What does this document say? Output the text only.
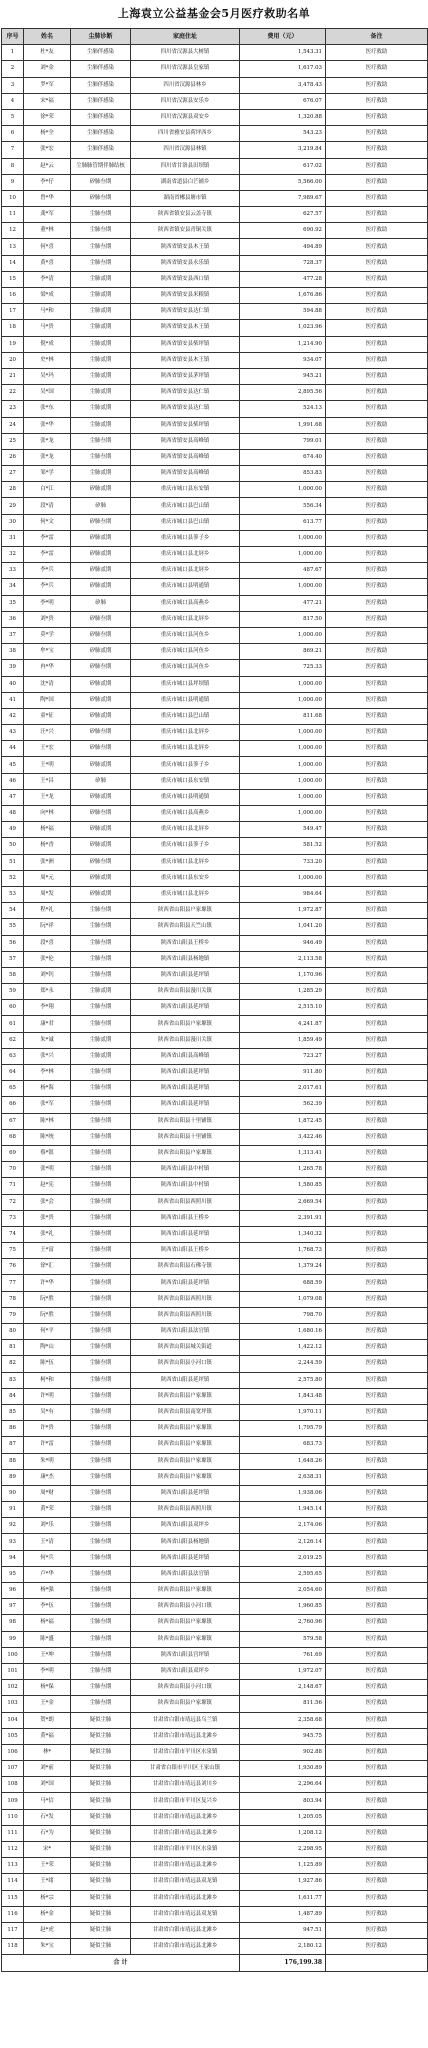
上海袁立公益基金会5月医疗救助名单
序号	姓名	尘肺诊断	家庭住址	费用（元）	备注
1	杜*友	尘肺伴感染	四川省汉源县大树镇	1,543.31	医疗救助
2	刘*金	尘肺伴感染	四川省汉源县皇家镇	1,617.03	医疗救助
3	罗*军	尘肺伴感染	四川省汉源县林乡	3,478.43	医疗救助
4	宋*福	尘肺伴感染	四川省汉源县安乐乡	676.07	医疗救助
5	徐*荣	尘肺伴感染	四川省汉源县双安乡	1,320.88	医疗救助
6	杨*全	尘肺伴感染	四川省雅安县荷坪西乡	543.23	医疗救助
7	张*宏	尘肺伴感染	四川省汉源县林镇	3,219.84	医疗救助
8	赵*云	尘肺肺管期伴肺结核	四川省甘洛县田坝镇	617.02	医疗救助
9	李*仔	矽肺叁期	湖南省道县白芒铺乡	5,566.00	医疗救助
10	曾*华	矽肺叁期	湖南省郴县塘市镇	7,989.67	医疗救助
11	龚*军	尘肺叁期	陕西省镇安县云盖寺镇	627.57	医疗救助
12	董*林	尘肺叁期	陕西省镇安县青铜关镇	690.92	医疗救助
13	何*喜	尘肺叁期	陕西省镇安县木王镇	494.89	医疗救助
14	黄*喜	尘肺叁期	陕西省镇安县永乐镇	728.37	医疗救助
15	李*清	尘肺贰期	陕西省镇安县西口镇	477.28	医疗救助
16	梁*成	尘肺贰期	陕西省镇安县米粮镇	1,676.86	医疗救助
17	马*和	尘肺贰期	陕西省镇安县达仁镇	594.88	医疗救助
18	马*贵	尘肺贰期	陕西省镇安县木王镇	1,023.96	医疗救助
19	倪*成	尘肺贰期	陕西省镇安县柴坪镇	1,214.90	医疗救助
20	史*林	尘肺贰期	陕西省镇安县木王镇	934.07	医疗救助
21	吴*玛	尘肺贰期	陕西省镇安县茅坪镇	945.21	医疗救助
22	吴*国	尘肺贰期	陕西省镇安县达仁镇	2,895.56	医疗救助
23	张*东	尘肺贰期	陕西省镇安县达仁镇	524.13	医疗救助
24	张*华	尘肺贰期	陕西省镇安县柴坪镇	1,991.68	医疗救助
25	张*龙	尘肺叁期	陕西省镇安县高峰镇	799.01	医疗救助
26	张*龙	尘肺叁期	陕西省镇安县高峰镇	674.40	医疗救助
27	邹*学	尘肺贰期	陕西省镇安县高峰镇	853.83	医疗救助
28	白*江	矽肺贰期	重庆市城口县东安镇	1,000.00	医疗救助
29	段*清	矽肺	重庆市城口县巴山镇	556.34	医疗救助
30	何*文	矽肺叁期	重庆市城口县巴山镇	613.77	医疗救助
31	李*雷	矽肺贰期	重庆市城口县蓼子乡	1,000.00	医疗救助
32	李*雷	矽肺贰期	重庆市城口县北屏乡	1,000.00	医疗救助
33	李*兵	矽肺贰期	重庆市城口县北屏乡	487.67	医疗救助
34	李*兵	矽肺贰期	重庆市城口县明通镇	1,000.00	医疗救助
35	李*明	矽肺	重庆市城口县高燕乡	477.21	医疗救助
36	刘*贵	矽肺叁期	重庆市城口县北屏乡	817.50	医疗救助
37	莫*学	矽肺叁期	重庆市城口县河鱼乡	1,000.00	医疗救助
38	牟*宝	矽肺贰期	重庆市城口县河鱼乡	869.21	医疗救助
39	冉*华	矽肺叁期	重庆市城口县河鱼乡	725.33	医疗救助
40	沈*清	矽肺贰期	重庆市城口县坪坝镇	1,000.00	医疗救助
41	陶*国	矽肺贰期	重庆市城口县明通镇	1,000.00	医疗救助
42	童*征	矽肺贰期	重庆市城口县巴山镇	811.68	医疗救助
43	汪*兴	矽肺叁期	重庆市城口县北屏乡	1,000.00	医疗救助
44	王*宏	矽肺叁期	重庆市城口县北屏乡	1,000.00	医疗救助
45	王*明	矽肺贰期	重庆市城口县蓼子乡	1,000.00	医疗救助
46	王*昌	矽肺	重庆市城口县东安镇	1,000.00	医疗救助
47	王*龙	矽肺贰期	重庆市城口县明通镇	1,000.00	医疗救助
48	向*林	矽肺叁期	重庆市城口县高燕乡	1,000.00	医疗救助
49	杨*福	矽肺贰期	重庆市城口县北屏乡	549.47	医疗救助
50	杨*香	矽肺贰期	重庆市城口县蓼子乡	581.52	医疗救助
51	张*洲	矽肺叁期	重庆市城口县北屏乡	733.20	医疗救助
52	周*元	矽肺贰期	重庆市城口县东安乡	1,000.00	医疗救助
53	周*发	矽肺贰期	重庆市城口县北屏乡	984.64	医疗救助
54	程*礼	尘肺叁期	陕西省山阳县户家塬镇	1,972.87	医疗救助
55	阮*祥	尘肺叁期	陕西省山阳县天竺山镇	1,041.20	医疗救助
56	段*喜	尘肺叁期	陕西省山阳县王桥乡	946.49	医疗救助
57	张*伦	尘肺叁期	陕西省山阳县杨地镇	2,113.58	医疗救助
58	刘*钊	尘肺叁期	陕西省山阳县延坪镇	1,170.96	医疗救助
59	郑*永	尘肺贰期	陕西省山阳县漫川关镇	1,285.29	医疗救助
60	李*翔	尘肺叁期	陕西省山阳县延坪镇	2,515.10	医疗救助
61	康*君	尘肺叁期	陕西省山阳县户家塬镇	4,241.87	医疗救助
62	朱*诚	尘肺贰期	陕西省山阳县漫川关镇	1,859.49	医疗救助
63	张*兴	尘肺贰期	陕西省山阳县高峰镇	723.27	医疗救助
64	李*林	尘肺叁期	陕西省山阳县延坪镇	911.80	医疗救助
65	杨*海	尘肺叁期	陕西省山阳县延坪镇	2,017.61	医疗救助
66	张*军	尘肺叁期	陕西省山阳县延坪镇	562.39	医疗救助
67	陈*林	尘肺叁期	陕西省山阳县十里铺镇	1,872.45	医疗救助
68	陈*统	尘肺叁期	陕西省山阳县十里铺镇	3,422.46	医疗救助
69	蔡*银	尘肺叁期	陕西省山阳县户家塬镇	1,313.41	医疗救助
70	张*明	尘肺叁期	陕西省山阳县中村镇	1,265.78	医疗救助
71	赵*宪	尘肺叁期	陕西省山阳县中村镇	1,580.85	医疗救助
72	张*会	尘肺叁期	陕西省山阳县西照川镇	2,669.54	医疗救助
73	张*贵	尘肺叁期	陕西省山阳县王桥乡	2,391.91	医疗救助
74	张*礼	尘肺叁期	陕西省山阳县延坪镇	1,340.32	医疗救助
75	王*富	尘肺叁期	陕西省山阳县王桥乡	1,768.73	医疗救助
76	徐*汇	尘肺叁期	陕西省山阳县石佛寺镇	1,379.24	医疗救助
77	许*华	尘肺叁期	陕西省山阳县延坪镇	688.59	医疗救助
78	阮*胜	尘肺叁期	陕西省山阳县西照川镇	1,079.08	医疗救助
79	阮*胜	尘肺叁期	陕西省山阳县西照川镇	798.70	医疗救助
80	何*平	尘肺叁期	陕西省山阳县法官镇	1,680.16	医疗救助
81	陶*山	尘肺叁期	陕西省山阳县城关街道	1,422.12	医疗救助
82	陈*伍	尘肺叁期	陕西省山阳县小河口镇	2,244.59	医疗救助
83	柯*和	尘肺叁期	陕西省山阳县延坪镇	2,575.80	医疗救助
84	许*明	尘肺叁期	陕西省山阳县户家塬镇	1,843.48	医疗救助
85	吴*有	尘肺叁期	陕西省山阳县南宽坪镇	1,970.11	医疗救助
86	许*贵	尘肺叁期	陕西省山阳县户家塬镇	1,795.79	医疗救助
87	许*雷	尘肺叁期	陕西省山阳县户家塬镇	683.73	医疗救助
88	朱*明	尘肺叁期	陕西省山阳县户家塬镇	1,648.26	医疗救助
89	康*杰	尘肺叁期	陕西省山阳县户家塬镇	2,638.31	医疗救助
90	周*财	尘肺叁期	陕西省山阳县延坪镇	1,938.06	医疗救助
91	黄*荣	尘肺叁期	陕西省山阳县西照川镇	1,945.14	医疗救助
92	刘*乐	尘肺叁期	陕西省山阳县双坪乡	2,174.06	医疗救助
93	王*清	尘肺叁期	陕西省山阳县杨地镇	2,126.14	医疗救助
94	何*兵	尘肺叁期	陕西省山阳县延坪镇	2,019.25	医疗救助
95	卢*华	尘肺叁期	陕西省山阳县法官镇	2,595.65	医疗救助
96	杨*强	尘肺叁期	陕西省山阳县户家塬镇	2,054.60	医疗救助
97	李*伍	尘肺叁期	陕西省山阳县小河口镇	1,960.85	医疗救助
98	杨*福	尘肺叁期	陕西省山阳县户家塬镇	2,760.96	医疗救助
99	陈*盛	尘肺叁期	陕西省山阳县户家塬镇	579.58	医疗救助
100	王*坤	尘肺叁期	陕西省山阳县宫坪镇	761.69	医疗救助
101	李*明	尘肺叁期	陕西省山阳县双坪乡	1,972.07	医疗救助
102	杨*保	尘肺叁期	陕西省山阳县小河口镇	2,148.67	医疗救助
103	王*金	尘肺叁期	陕西省山阳县户家塬镇	811.56	医疗救助
104	贺*朗	疑似尘肺	甘肃省白银市靖远县乌兰镇	2,358.68	医疗救助
105	黄*福	疑似尘肺	甘肃省白银市靖远县北滩乡	945.75	医疗救助
106	林*	疑似尘肺	甘肃省白银市平川区水泉镇	902.88	医疗救助
107	刘*前	疑似尘肺	甘肃省白银市平川区王家山镇	1,930.89	医疗救助
108	刘*国	疑似尘肺	甘肃省白银市靖远县刘川乡	2,296.64	医疗救助
109	马*信	疑似尘肺	甘肃省白银市平川区复兴乡	803.94	医疗救助
110	石*发	疑似尘肺	甘肃省白银市靖远县北滩乡	1,205.05	医疗救助
111	石*为	疑似尘肺	甘肃省白银市靖远县北滩乡	1,208.12	医疗救助
112	宋*	疑似尘肺	甘肃省白银市平川区水泉镇	2,298.95	医疗救助
113	王*荣	疑似尘肺	甘肃省白银市靖远县北滩乡	1,125.89	医疗救助
114	王*绪	疑似尘肺	甘肃省白银市靖远县双龙镇	1,927.86	医疗救助
115	杨*宗	疑似尘肺	甘肃省白银市靖远县北滩乡	1,611.77	医疗救助
116	杨*金	疑似尘肺	甘肃省白银市靖远县双龙镇	1,487.89	医疗救助
117	赵*虎	疑似尘肺	甘肃省白银市靖远县北滩乡	947.51	医疗救助
118	朱*宝	疑似尘肺	甘肃省白银市靖远县北滩乡	2,180.12	医疗救助
合 计				176,199.38	
